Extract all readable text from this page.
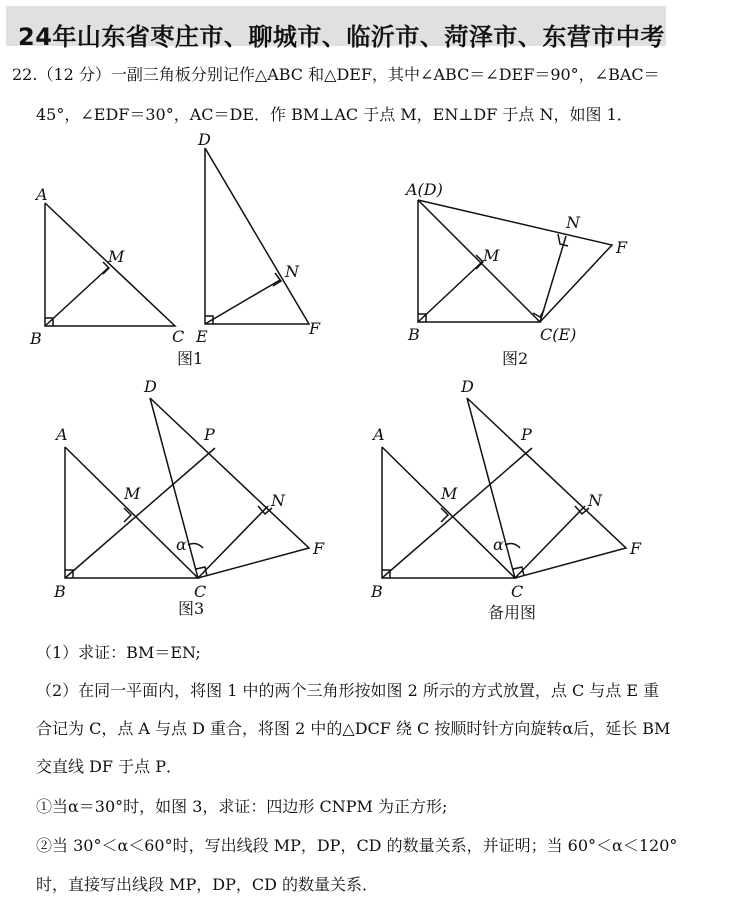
24年山东省枣庄市、聊城市、临沂市、菏泽市、东营市中考
22.（12 分）一副三角板分别记作△ABC 和△DEF，其中∠ABC＝∠DEF＝90°，∠BAC＝
45°，∠EDF＝30°，AC＝DE．作 BM⊥AC 于点 M，EN⊥DF 于点 N，如图 1．
A
B	C
M
D
E	F
N
图1
A(D)
B	C(E)
M
N
F
图2
A
B	C
D
P
M	N
F
α
图3
A
B	C
D
P
M	N
F
α
备用图
（1）求证：BM＝EN;
（2）在同一平面内，将图 1 中的两个三角形按如图 2 所示的方式放置，点 C 与点 E 重
合记为 C，点 A 与点 D 重合，将图 2 中的△DCF 绕 C 按顺时针方向旋转α后，延长 BM
交直线 DF 于点 P．
①当α＝30°时，如图 3，求证：四边形 CNPM 为正方形;
②当 30°＜α＜60°时，写出线段 MP，DP，CD 的数量关系，并证明；当 60°＜α＜120°
时，直接写出线段 MP，DP，CD 的数量关系．
